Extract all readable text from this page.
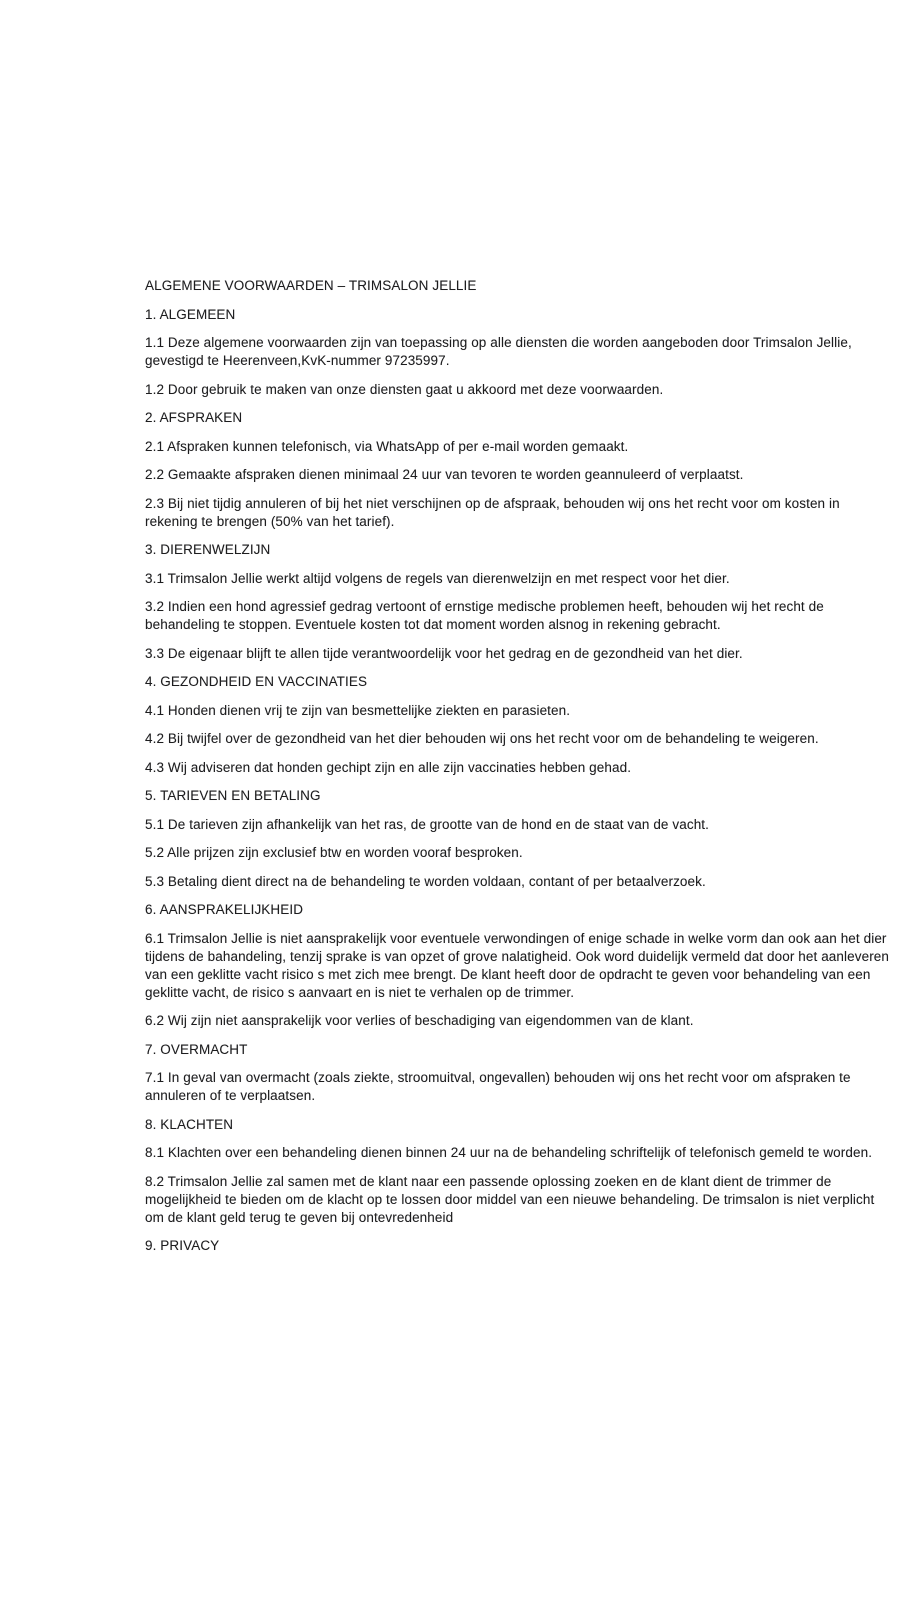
ALGEMENE VOORWAARDEN – TRIMSALON JELLIE

1. ALGEMEEN

1.1 Deze algemene voorwaarden zijn van toepassing op alle diensten die worden aangeboden door Trimsalon Jellie, gevestigd te Heerenveen,KvK-nummer 97235997.

1.2 Door gebruik te maken van onze diensten gaat u akkoord met deze voorwaarden.

2. AFSPRAKEN

2.1 Afspraken kunnen telefonisch, via WhatsApp of per e-mail worden gemaakt.

2.2 Gemaakte afspraken dienen minimaal 24 uur van tevoren te worden geannuleerd of verplaatst.

2.3 Bij niet tijdig annuleren of bij het niet verschijnen op de afspraak, behouden wij ons het recht voor om kosten in rekening te brengen (50% van het tarief).

3. DIERENWELZIJN

3.1 Trimsalon Jellie werkt altijd volgens de regels van dierenwelzijn en met respect voor het dier.

3.2 Indien een hond agressief gedrag vertoont of ernstige medische problemen heeft, behouden wij het recht de behandeling te stoppen. Eventuele kosten tot dat moment worden alsnog in rekening gebracht.

3.3 De eigenaar blijft te allen tijde verantwoordelijk voor het gedrag en de gezondheid van het dier.

4. GEZONDHEID EN VACCINATIES

4.1 Honden dienen vrij te zijn van besmettelijke ziekten en parasieten.

4.2 Bij twijfel over de gezondheid van het dier behouden wij ons het recht voor om de behandeling te weigeren.

4.3 Wij adviseren dat honden gechipt zijn en alle zijn vaccinaties hebben gehad.

5. TARIEVEN EN BETALING

5.1 De tarieven zijn afhankelijk van het ras, de grootte van de hond en de staat van de vacht.

5.2 Alle prijzen zijn exclusief btw en worden vooraf besproken.

5.3 Betaling dient direct na de behandeling te worden voldaan, contant of per betaalverzoek.

6. AANSPRAKELIJKHEID

6.1 Trimsalon Jellie is niet aansprakelijk voor eventuele verwondingen of enige schade in welke vorm dan ook aan het dier tijdens de bahandeling, tenzij sprake is van opzet of grove nalatigheid. Ook word duidelijk vermeld dat door het aanleveren van een geklitte vacht risico s met zich mee brengt. De klant heeft door de opdracht te geven voor behandeling van een geklitte vacht, de risico s aanvaart en is niet te verhalen op de trimmer.

6.2 Wij zijn niet aansprakelijk voor verlies of beschadiging van eigendommen van de klant.

7. OVERMACHT

7.1 In geval van overmacht (zoals ziekte, stroomuitval, ongevallen) behouden wij ons het recht voor om afspraken te annuleren of te verplaatsen.

8. KLACHTEN

8.1 Klachten over een behandeling dienen binnen 24 uur na de behandeling schriftelijk of telefonisch gemeld te worden.

8.2 Trimsalon Jellie zal samen met de klant naar een passende oplossing zoeken en de klant dient de trimmer de mogelijkheid te bieden om de klacht op te lossen door middel van een nieuwe behandeling. De trimsalon is niet verplicht om de klant geld terug te geven bij ontevredenheid

9. PRIVACY
